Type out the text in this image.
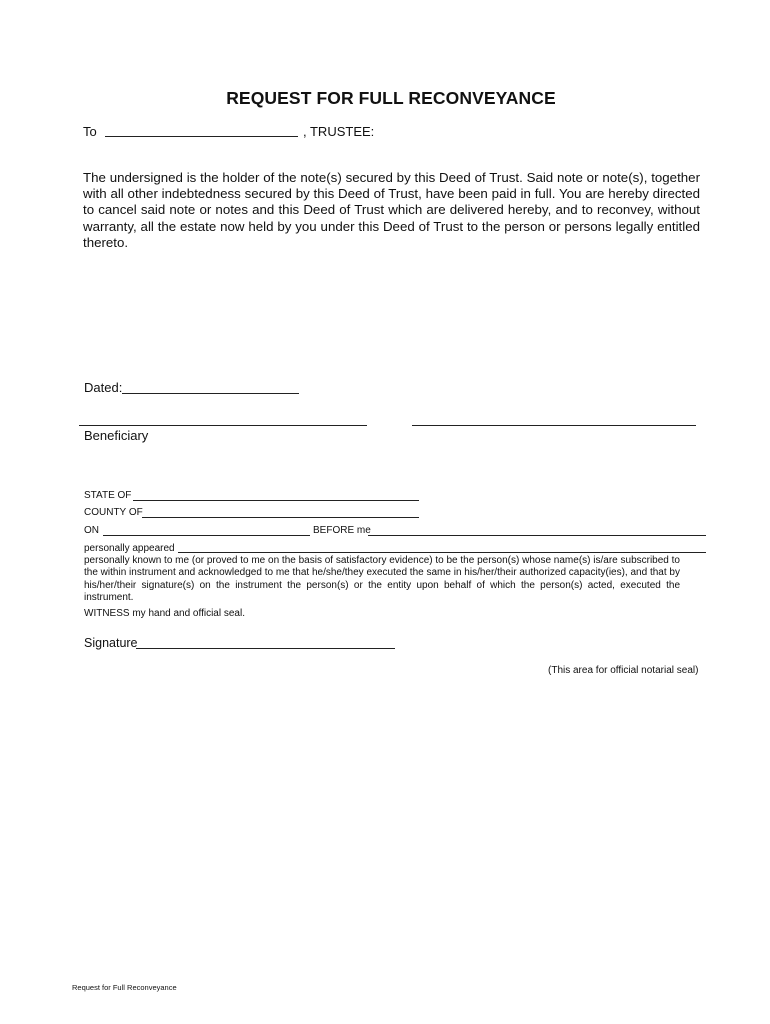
REQUEST FOR FULL RECONVEYANCE
To	, TRUSTEE:
The undersigned is the holder of the note(s) secured by this Deed of Trust. Said note or note(s), together with all other indebtedness secured by this Deed of Trust, have been paid in full. You are hereby directed to cancel said note or notes and this Deed of Trust which are delivered hereby, and to reconvey, without warranty, all the estate now held by you under this Deed of Trust to the person or persons legally entitled thereto.
Dated:
Beneficiary
STATE OF
COUNTY OF
ON	BEFORE me
personally appeared
personally known to me (or proved to me on the basis of satisfactory evidence) to be the person(s) whose name(s) is/are subscribed to the within instrument and acknowledged to me that he/she/they executed the same in his/her/their authorized capacity(ies), and that by his/her/their signature(s) on the instrument the person(s) or the entity upon behalf of which the person(s) acted, executed the instrument.
WITNESS my hand and official seal.
Signature
(This area for official notarial seal)
Request for Full Reconveyance
